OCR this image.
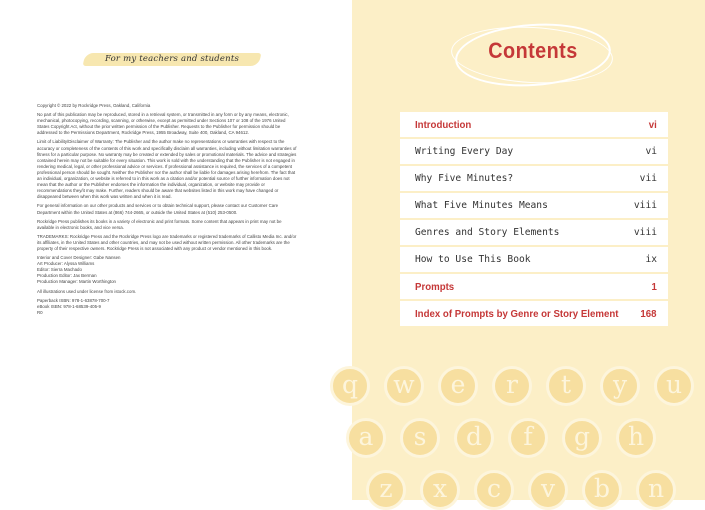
For my teachers and students

Copyright © 2022 by Rockridge Press, Oakland, California

No part of this publication may be reproduced, stored in a retrieval system, or transmitted in any form or by any means, electronic, mechanical, photocopying, recording, scanning, or otherwise, except as permitted under Sections 107 or 108 of the 1976 United States Copyright Act, without the prior written permission of the Publisher. Requests to the Publisher for permission should be addressed to the Permissions Department, Rockridge Press, 1955 Broadway, Suite 400, Oakland, CA 94612.

Limit of Liability/Disclaimer of Warranty: The Publisher and the author make no representations or warranties with respect to the accuracy or completeness of the contents of this work and specifically disclaim all warranties, including without limitation warranties of fitness for a particular purpose. No warranty may be created or extended by sales or promotional materials. The advice and strategies contained herein may not be suitable for every situation. This work is sold with the understanding that the Publisher is not engaged in rendering medical, legal, or other professional advice or services. If professional assistance is required, the services of a competent professional person should be sought. Neither the Publisher nor the author shall be liable for damages arising herefrom. The fact that an individual, organization, or website is referred to in this work as a citation and/or potential source of further information does not mean that the author or the Publisher endorses the information the individual, organization, or website may provide or recommendations they/it may make. Further, readers should be aware that websites listed in this work may have changed or disappeared between when this work was written and when it is read.

For general information on our other products and services or to obtain technical support, please contact our Customer Care Department within the United States at (866) 744-2665, or outside the United States at (510) 253-0500.

Rockridge Press publishes its books in a variety of electronic and print formats. Some content that appears in print may not be available in electronic books, and vice versa.

TRADEMARKS: Rockridge Press and the Rockridge Press logo are trademarks or registered trademarks of Callisto Media Inc. and/or its affiliates, in the United States and other countries, and may not be used without written permission. All other trademarks are the property of their respective owners. Rockridge Press is not associated with any product or vendor mentioned in this book.

Interior and Cover Designer: Gabe Nansen

Art Producer: Alyssa Williams

Editor: Sierra Machado

Production Editor: Jax Berman

Production Manager: Martin Worthington

All illustrations used under license from istock.com.

Paperback ISBN: 978-1-63878-700-7

eBook ISBN: 978-1-68539-405-9

R0

Contents
Introduction	vi
Writing Every Day	vi
Why Five Minutes?	vii
What Five Minutes Means	viii
Genres and Story Elements	viii
How to Use This Book	ix
Prompts	1
Index of Prompts by Genre or Story Element 168
q w e r t y u
a s d f g h
z x c v b n
